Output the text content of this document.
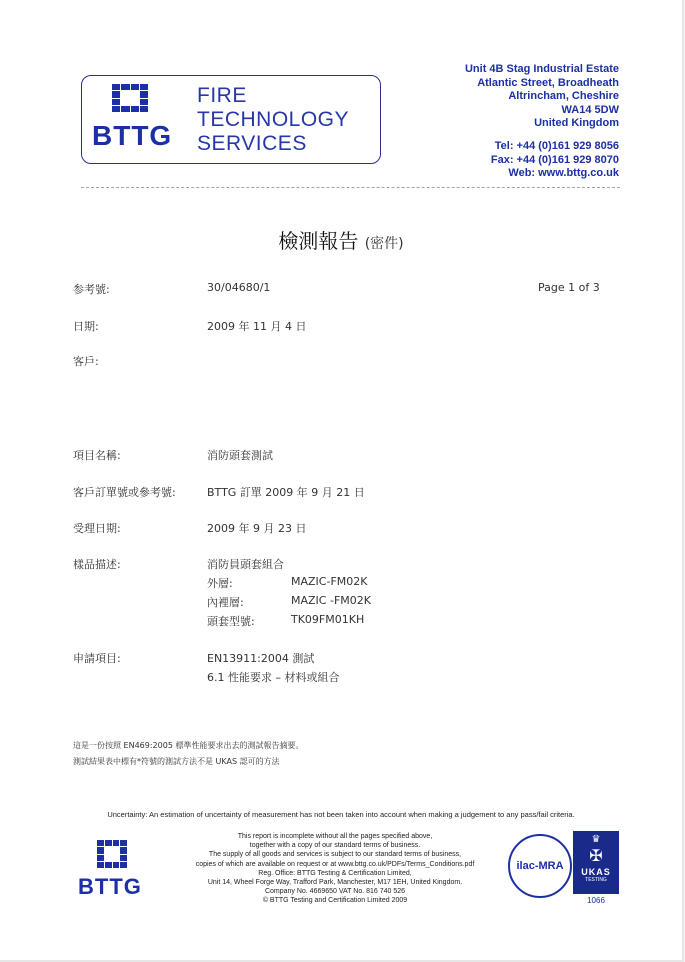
BTTG
FIRE
TECHNOLOGY
SERVICES
Unit 4B Stag Industrial Estate
Atlantic Street, Broadheath
Altrincham, Cheshire
WA14 5DW
United Kingdom
Tel: +44 (0)161 929 8056
Fax: +44 (0)161 929 8070
Web: www.bttg.co.uk
檢測報告 (密件)
参考號:	30/04680/1	Page 1 of 3
日期:	2009 年 11 月 4 日
客戶:
項目名稱:	消防頭套測試
客戶訂單號或參考號:	BTTG 訂單 2009 年 9 月 21 日
受理日期:	2009 年 9 月 23 日
樣品描述:	消防員頭套組合
外層:	MAZIC-FM02K
內裡層:	MAZIC -FM02K
頭套型號:	TK09FM01KH
申請項目:	EN13911:2004 測試
6.1 性能要求 – 材料或組合
這是一份按照 EN469:2005 標準性能要求出去的測試報告摘要。
測試結果表中標有*符號的測試方法不是 UKAS 認可的方法
Uncertainty: An estimation of uncertainty of measurement has not been taken into account when making a judgement to any pass/fail criteria.
BTTG
This report is incomplete without all the pages specified above,
together with a copy of our standard terms of business.
The supply of all goods and services is subject to our standard terms of business,
copies of which are available on request or at www.bttg.co.uk/PDFs/Terms_Conditions.pdf
Reg. Office: BTTG Testing & Certification Limited,
Unit 14, Wheel Forge Way, Trafford Park, Manchester, M17 1EH, United Kingdom.
Company No. 4669650 VAT No. 816 740 526
© BTTG Testing and Certification Limited 2009
ilac-MRA
♛
✠
UKAS
TESTING
1066
